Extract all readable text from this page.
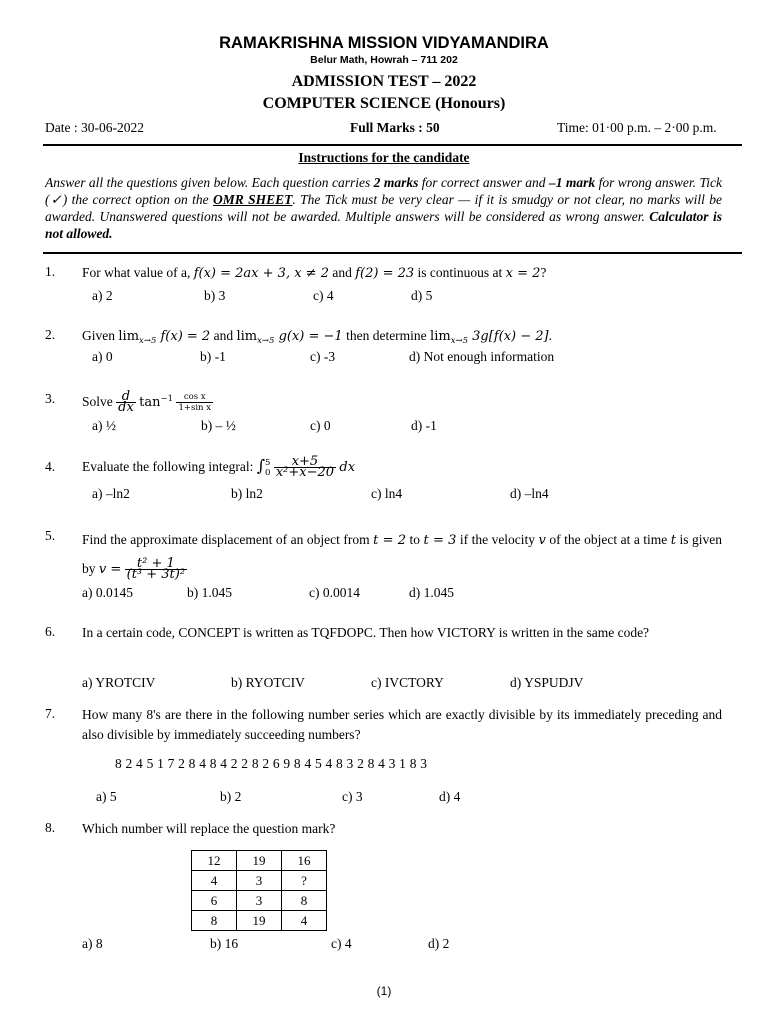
RAMAKRISHNA MISSION VIDYAMANDIRA
Belur Math, Howrah – 711 202
ADMISSION TEST – 2022
COMPUTER SCIENCE (Honours)
Date : 30-06-2022	Full Marks : 50	Time: 01·00 p.m. – 2·00 p.m.
Instructions for the candidate
Answer all the questions given below. Each question carries 2 marks for correct answer and –1 mark for wrong answer. Tick (✓) the correct option on the OMR SHEET. The Tick must be very clear — if it is smudgy or not clear, no marks will be awarded. Unanswered questions will not be awarded. Multiple answers will be considered as wrong answer. Calculator is not allowed.
1. For what value of a, f(x) = 2ax + 3, x ≠ 2 and f(2) = 23 is continuous at x = 2?
a) 2	b) 3	c) 4	d) 5
2. Given $\lim_{x\to 5} f(x) = 2$ and $\lim_{x\to 5} g(x) = -1$ then determine $\lim_{x\to 5} 3g[f(x) - 2]$.
a) 0	b) -1	c) -3	d) Not enough information
3. Solve $\frac{d}{dx} \tan^{-1} \frac{\text{cos x}}{\text{1+sin x}}$
a) ½	b) – ½	c) 0	d) -1
4. Evaluate the following integral: ∫ 5
0
$\frac{x+5}{\text{x²+x−20}}$ dx
a) –ln2	b) ln2	c) ln4	d) –ln4
5. Find the approximate displacement of an object from t = 2 to t = 3 if the velocity v of the object at a time t is given by $v = \frac{\text{t² + 1}}{\text{(t³ + 3t)²}}$
a) 0.0145	b) 1.045	c) 0.0014	d) 1.045
6. In a certain code, CONCEPT is written as TQFDOPC. Then how VICTORY is written in the same code?
a) YROTCIV	b) RYOTCIV	c) IVCTORY	d) YSPUDJV
7. How many 8's are there in the following number series which are exactly divisible by its immediately preceding and also divisible by immediately succeeding numbers?
8 2 4 5 1 7 2 8 4 8 4 2 2 8 2 6 9 8 4 5 4 8 3 2 8 4 3 1 8 3
a) 5	b) 2	c) 3	d) 4
8. Which number will replace the question mark?
12	19	16
4	3	?
6	3	8
8	19	4
a) 8	b) 16	c) 4	d) 2
(1)
